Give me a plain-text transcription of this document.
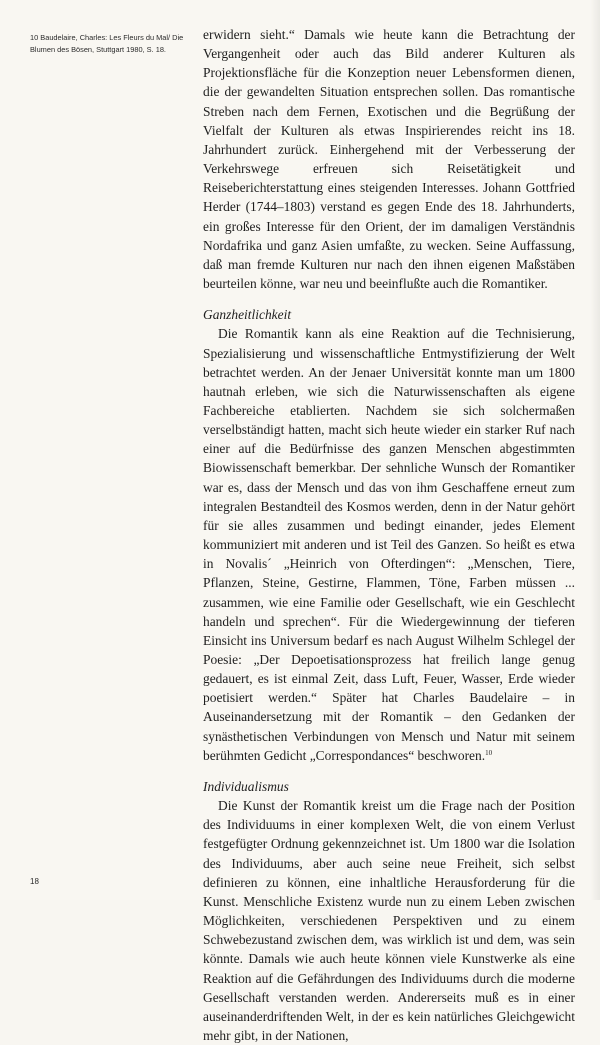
10 Baudelaire, Charles: Les Fleurs du Mal/ Die Blumen des Bösen, Stuttgart 1980, S. 18.

erwidern sieht.“ Damals wie heute kann die Betrachtung der Vergangenheit oder auch das Bild anderer Kulturen als Projektionsfläche für die Konzeption neuer Lebensformen dienen, die der gewandelten Situation entsprechen sollen. Das romantische Streben nach dem Fernen, Exotischen und die Begrüßung der Vielfalt der Kulturen als etwas Inspirierendes reicht ins 18. Jahrhundert zurück. Einhergehend mit der Verbesserung der Verkehrswege erfreuen sich Reisetätigkeit und Reiseberichterstattung eines steigenden Interesses. Johann Gottfried Herder (1744–1803) verstand es gegen Ende des 18. Jahrhunderts, ein großes Interesse für den Orient, der im damaligen Verständnis Nordafrika und ganz Asien umfaßte, zu wecken. Seine Auffassung, daß man fremde Kulturen nur nach den ihnen eigenen Maßstäben beurteilen könne, war neu und beeinflußte auch die Romantiker.

Ganzheitlichkeit

Die Romantik kann als eine Reaktion auf die Technisierung, Spezialisierung und wissenschaftliche Entmystifizierung der Welt betrachtet werden. An der Jenaer Universität konnte man um 1800 hautnah erleben, wie sich die Naturwissenschaften als eigene Fachbereiche etablierten. Nachdem sie sich solchermaßen verselbständigt hatten, macht sich heute wieder ein starker Ruf nach einer auf die Bedürfnisse des ganzen Menschen abgestimmten Biowissenschaft bemerkbar. Der sehnliche Wunsch der Romantiker war es, dass der Mensch und das von ihm Geschaffene erneut zum integralen Bestandteil des Kosmos werden, denn in der Natur gehört für sie alles zusammen und bedingt einander, jedes Element kommuniziert mit anderen und ist Teil des Ganzen. So heißt es etwa in Novalis´ „Heinrich von Ofterdingen“: „Menschen, Tiere, Pflanzen, Steine, Gestirne, Flammen, Töne, Farben müssen ... zusammen, wie eine Familie oder Gesellschaft, wie ein Geschlecht handeln und sprechen“. Für die Wiedergewinnung der tieferen Einsicht ins Universum bedarf es nach August Wilhelm Schlegel der Poesie: „Der Depoetisationsprozess hat freilich lange genug gedauert, es ist einmal Zeit, dass Luft, Feuer, Wasser, Erde wieder poetisiert werden.“ Später hat Charles Baudelaire – in Auseinandersetzung mit der Romantik – den Gedanken der synästhetischen Verbindungen von Mensch und Natur mit seinem berühmten Gedicht „Correspondances“ beschworen.$^{10}$

Individualismus

Die Kunst der Romantik kreist um die Frage nach der Position des Individuums in einer komplexen Welt, die von einem Verlust festgefügter Ordnung gekennzeichnet ist. Um 1800 war die Isolation des Individuums, aber auch seine neue Freiheit, sich selbst definieren zu können, eine inhaltliche Herausforderung für die Kunst. Menschliche Existenz wurde nun zu einem Leben zwischen Möglichkeiten, verschiedenen Perspektiven und zu einem Schwebezustand zwischen dem, was wirklich ist und dem, was sein könnte. Damals wie auch heute können viele Kunstwerke als eine Reaktion auf die Gefährdungen des Individuums durch die moderne Gesellschaft verstanden werden. Andererseits muß es in einer auseinanderdriftenden Welt, in der es kein natürliches Gleichgewicht mehr gibt, in der Nationen,

18
